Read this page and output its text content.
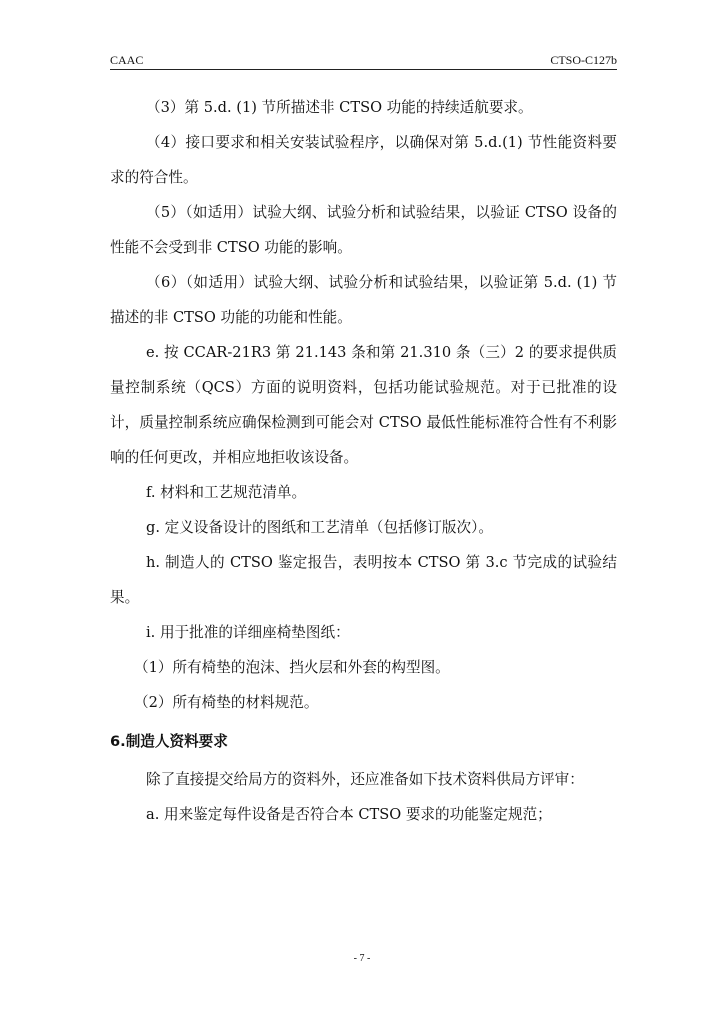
CAAC	CTSO-C127b

（3）第 5.d. (1) 节所描述非 CTSO 功能的持续适航要求。

（4）接口要求和相关安装试验程序，以确保对第 5.d.(1) 节性能资料要求的符合性。

（5）（如适用）试验大纲、试验分析和试验结果，以验证 CTSO 设备的性能不会受到非 CTSO 功能的影响。

（6）（如适用）试验大纲、试验分析和试验结果，以验证第 5.d. (1) 节描述的非 CTSO 功能的功能和性能。

e. 按 CCAR-21R3 第 21.143 条和第 21.310 条（三）2 的要求提供质量控制系统（QCS）方面的说明资料，包括功能试验规范。对于已批准的设计，质量控制系统应确保检测到可能会对 CTSO 最低性能标准符合性有不利影响的任何更改，并相应地拒收该设备。

f. 材料和工艺规范清单。

g. 定义设备设计的图纸和工艺清单（包括修订版次）。

h. 制造人的 CTSO 鉴定报告，表明按本 CTSO 第 3.c 节完成的试验结果。

i. 用于批准的详细座椅垫图纸：

（1）所有椅垫的泡沫、挡火层和外套的构型图。

（2）所有椅垫的材料规范。

6.制造人资料要求

除了直接提交给局方的资料外，还应准备如下技术资料供局方评审：

a. 用来鉴定每件设备是否符合本 CTSO 要求的功能鉴定规范；

- 7 -
